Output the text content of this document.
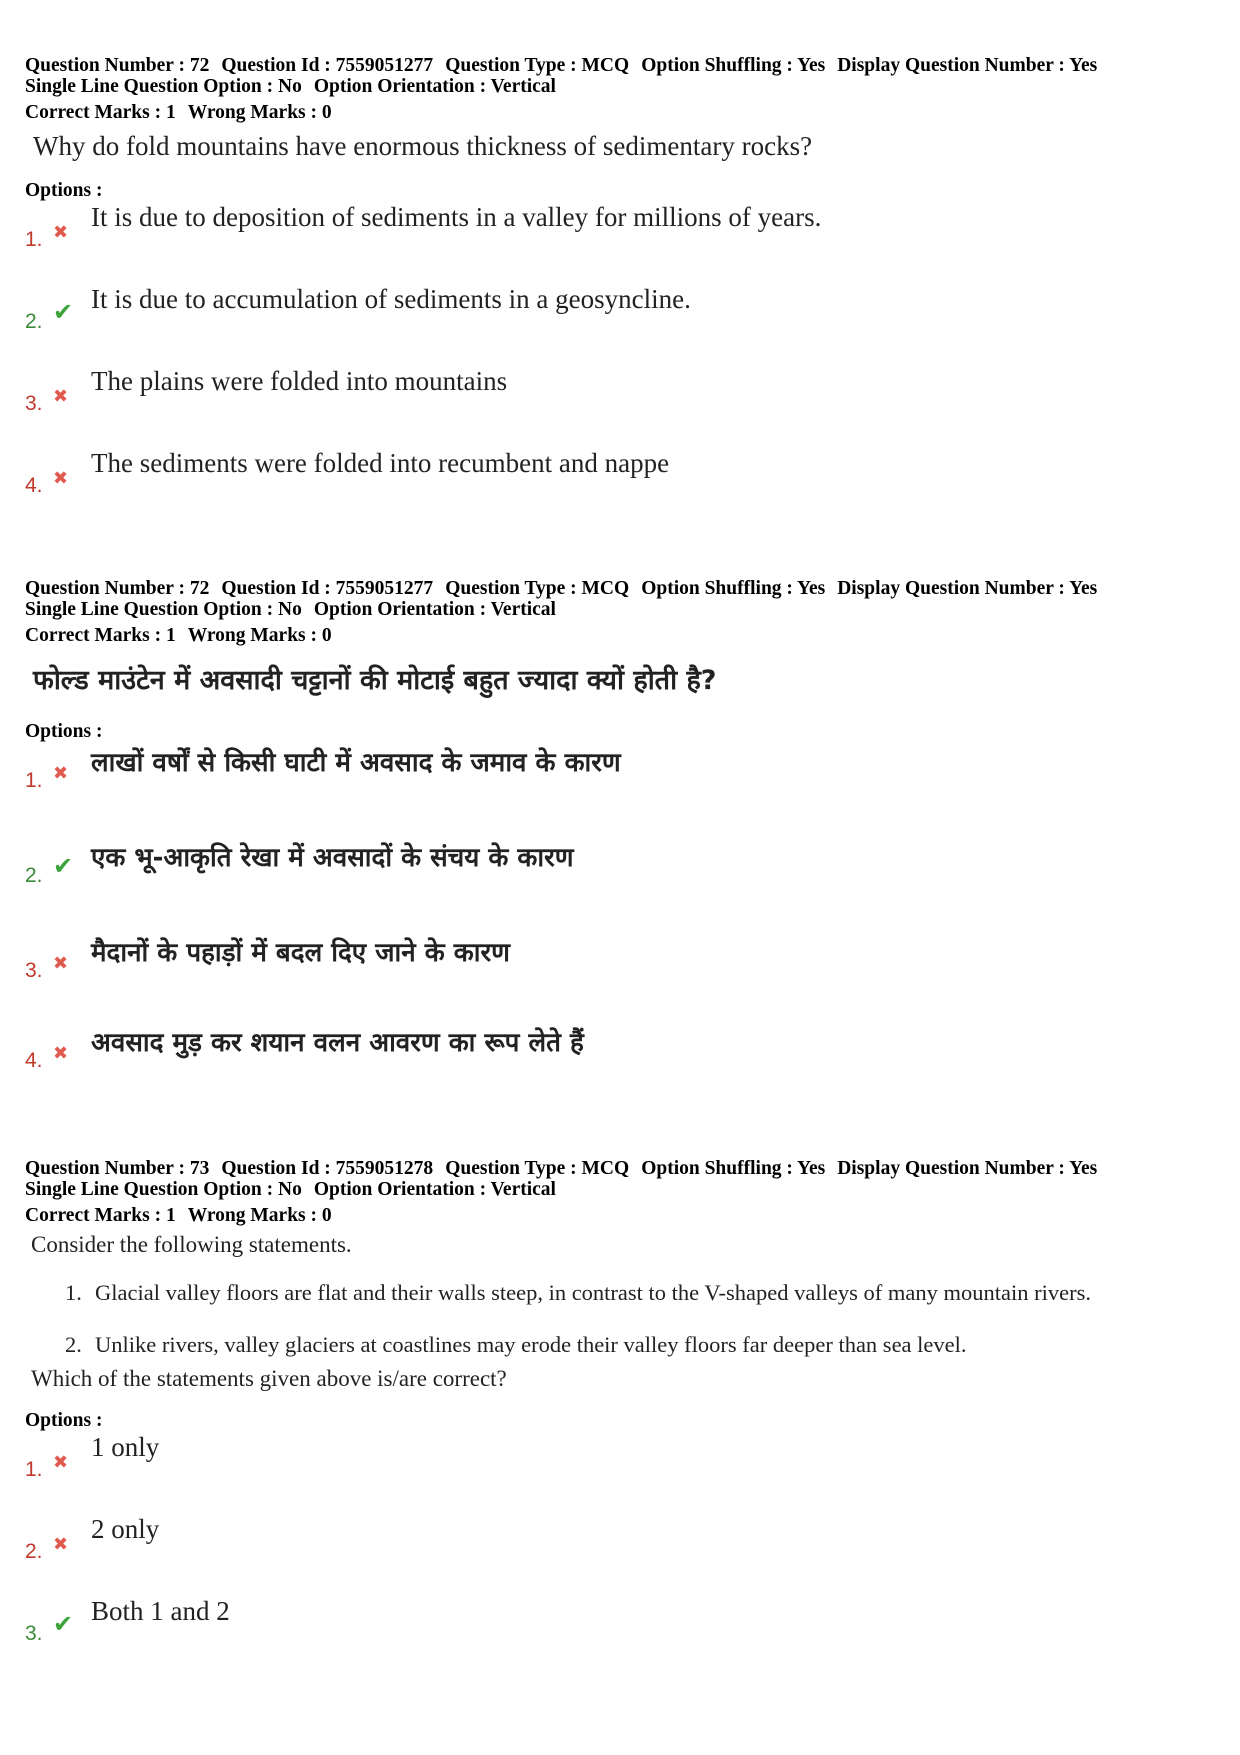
Question Number : 72 Question Id : 7559051277 Question Type : MCQ Option Shuffling : Yes Display Question Number : Yes
Single Line Question Option : No Option Orientation : Vertical
Correct Marks : 1 Wrong Marks : 0
Why do fold mountains have enormous thickness of sedimentary rocks?
Options :
1. ✖
It is due to deposition of sediments in a valley for millions of years.
2. ✔ It is due to accumulation of sediments in a geosyncline.
3. ✖
The plains were folded into mountains
4. ✖
The sediments were folded into recumbent and nappe
Question Number : 72 Question Id : 7559051277 Question Type : MCQ Option Shuffling : Yes Display Question Number : Yes
Single Line Question Option : No Option Orientation : Vertical
Correct Marks : 1 Wrong Marks : 0
फोल्ड माउंटेन में अवसादी चट्टानों की मोटाई बहुत ज्यादा क्यों होती है?
Options :
1. ✖ लाखों वर्षों से किसी घाटी में अवसाद के जमाव के कारण
2. ✔ एक भू-आकृति रेखा में अवसादों के संचय के कारण
3. ✖ मैदानों के पहाड़ों में बदल दिए जाने के कारण
4. ✖ अवसाद मुड़ कर शयान वलन आवरण का रूप लेते हैं
Question Number : 73 Question Id : 7559051278 Question Type : MCQ Option Shuffling : Yes Display Question Number : Yes
Single Line Question Option : No Option Orientation : Vertical
Correct Marks : 1 Wrong Marks : 0
Consider the following statements.
1. Glacial valley floors are flat and their walls steep, in contrast to the V-shaped valleys of many mountain rivers.
2. Unlike rivers, valley glaciers at coastlines may erode their valley floors far deeper than sea level.
Which of the statements given above is/are correct?
Options :
1. ✖
1 only
2. ✖
2 only
3. ✔ Both 1 and 2
